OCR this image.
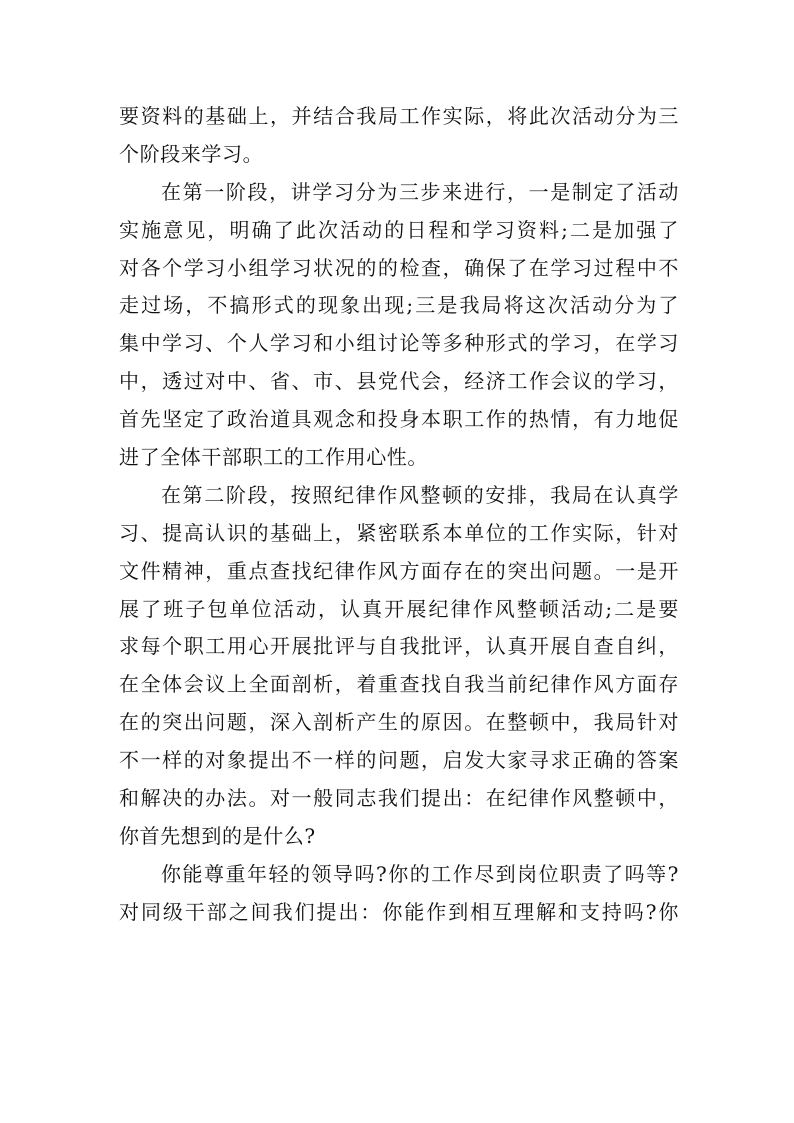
要资料的基础上，并结合我局工作实际，将此次活动分为三
个阶段来学习。
在第一阶段，讲学习分为三步来进行，一是制定了活动
实施意见，明确了此次活动的日程和学习资料;二是加强了
对各个学习小组学习状况的的检查，确保了在学习过程中不
走过场，不搞形式的现象出现;三是我局将这次活动分为了
集中学习、个人学习和小组讨论等多种形式的学习，在学习
中，透过对中、省、市、县党代会，经济工作会议的学习，
首先坚定了政治道具观念和投身本职工作的热情，有力地促
进了全体干部职工的工作用心性。
在第二阶段，按照纪律作风整顿的安排，我局在认真学
习、提高认识的基础上，紧密联系本单位的工作实际，针对
文件精神，重点查找纪律作风方面存在的突出问题。一是开
展了班子包单位活动，认真开展纪律作风整顿活动;二是要
求每个职工用心开展批评与自我批评，认真开展自查自纠，
在全体会议上全面剖析，着重查找自我当前纪律作风方面存
在的突出问题，深入剖析产生的原因。在整顿中，我局针对
不一样的对象提出不一样的问题，启发大家寻求正确的答案
和解决的办法。对一般同志我们提出：在纪律作风整顿中，
你首先想到的是什么?
你能尊重年轻的领导吗?你的工作尽到岗位职责了吗等?
对同级干部之间我们提出：你能作到相互理解和支持吗?你
